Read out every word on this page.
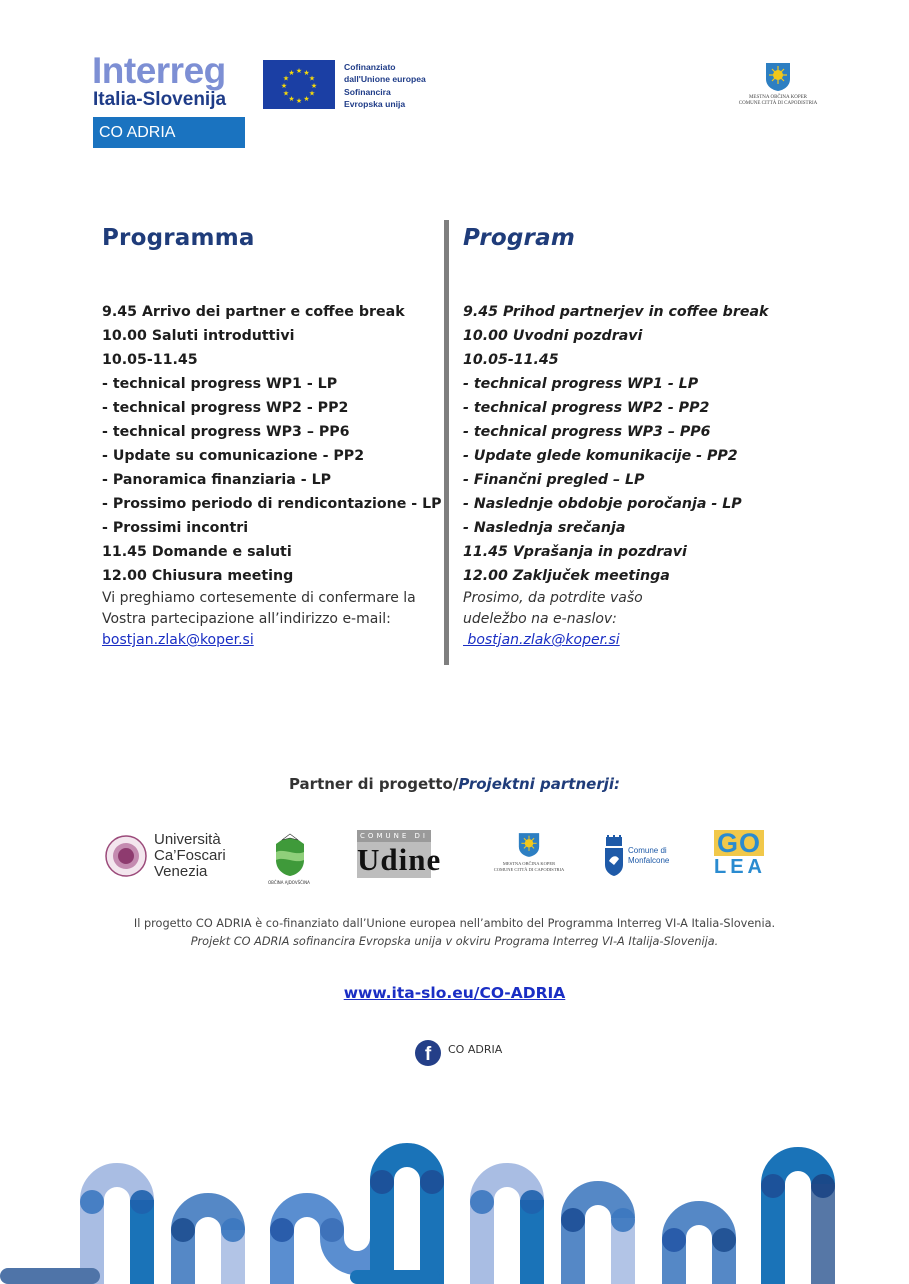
Interreg
Italia-Slovenija
CO ADRIA
★ ★
★
★
★
★
★
★
★
★
★
★
Cofinanziato
dall'Unione europea
Sofinancira
Evropska unija
MESTNA OBČINA KOPER
COMUNE CITTÀ DI CAPODISTRIA
Programma
9.45 Arrivo dei partner e coffee break
10.00 Saluti introduttivi
10.05-11.45
- technical progress WP1 - LP
- technical progress WP2 - PP2
- technical progress WP3 – PP6
- Update su comunicazione - PP2
- Panoramica finanziaria - LP
- Prossimo periodo di rendicontazione - LP
- Prossimi incontri
11.45 Domande e saluti
12.00 Chiusura meeting
Vi preghiamo cortesemente di confermare la
Vostra partecipazione all’indirizzo e-mail:
bostjan.zlak@koper.si
Program
9.45 Prihod partnerjev in coffee break
10.00 Uvodni pozdravi
10.05-11.45
- technical progress WP1 - LP
- technical progress WP2 - PP2
- technical progress WP3 – PP6
- Update glede komunikacije - PP2
- Finančni pregled – LP
- Naslednje obdobje poročanja - LP
- Naslednja srečanja
11.45 Vprašanja in pozdravi
12.00 Zaključek meetinga
Prosimo, da potrdite vašo
udeležbo na e-naslov:
bostjan.zlak@koper.si
Partner di progetto/Projektni partnerji:
Università
Ca’Foscari
Venezia
OBČINA AJDOVŠČINA
COMUNE DI
Udine	MESTNA OBČINA KOPER
COMUNE CITTÀ DI CAPODISTRIA
Comune di
Monfalcone
GO
LEA
Il progetto CO ADRIA è co-finanziato dall’Unione europea nell’ambito del Programma Interreg VI-A Italia-Slovenia.
Projekt CO ADRIA sofinancira Evropska unija v okviru Programa Interreg VI-A Italija-Slovenija.
www.ita-slo.eu/CO-ADRIA
f	CO ADRIA
